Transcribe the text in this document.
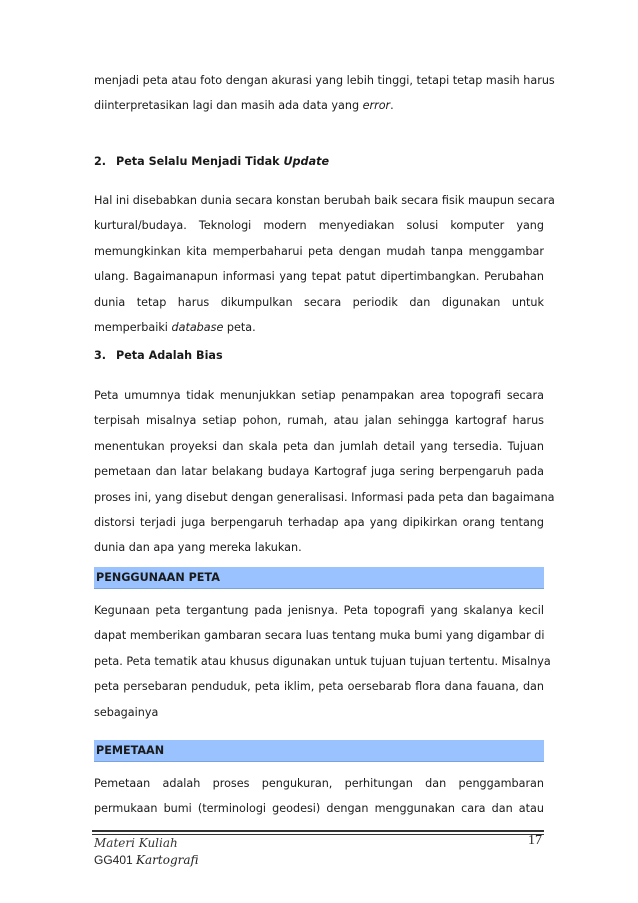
menjadi peta atau foto dengan akurasi yang lebih tinggi, tetapi tetap masih harus
diinterpretasikan lagi dan masih ada data yang error.
2. Peta Selalu Menjadi Tidak Update
Hal ini disebabkan dunia secara konstan berubah baik secara fisik maupun secara
kurtural/budaya. Teknologi modern menyediakan solusi komputer yang
memungkinkan kita memperbaharui peta dengan mudah tanpa menggambar
ulang. Bagaimanapun informasi yang tepat patut dipertimbangkan. Perubahan
dunia tetap harus dikumpulkan secara periodik dan digunakan untuk
memperbaiki database peta.
3. Peta Adalah Bias
Peta umumnya tidak menunjukkan setiap penampakan area topografi secara
terpisah misalnya setiap pohon, rumah, atau jalan sehingga kartograf harus
menentukan proyeksi dan skala peta dan jumlah detail yang tersedia. Tujuan
pemetaan dan latar belakang budaya Kartograf juga sering berpengaruh pada
proses ini, yang disebut dengan generalisasi. Informasi pada peta dan bagaimana
distorsi terjadi juga berpengaruh terhadap apa yang dipikirkan orang tentang
dunia dan apa yang mereka lakukan.
PENGGUNAAN PETA
Kegunaan peta tergantung pada jenisnya. Peta topografi yang skalanya kecil
dapat memberikan gambaran secara luas tentang muka bumi yang digambar di
peta. Peta tematik atau khusus digunakan untuk tujuan tujuan tertentu. Misalnya
peta persebaran penduduk, peta iklim, peta oersebarab flora dana fauana, dan
sebagainya
PEMETAAN
Pemetaan adalah proses pengukuran, perhitungan dan penggambaran
permukaan bumi (terminologi geodesi) dengan menggunakan cara dan atau
Materi Kuliah
GG401 Kartografi
17
